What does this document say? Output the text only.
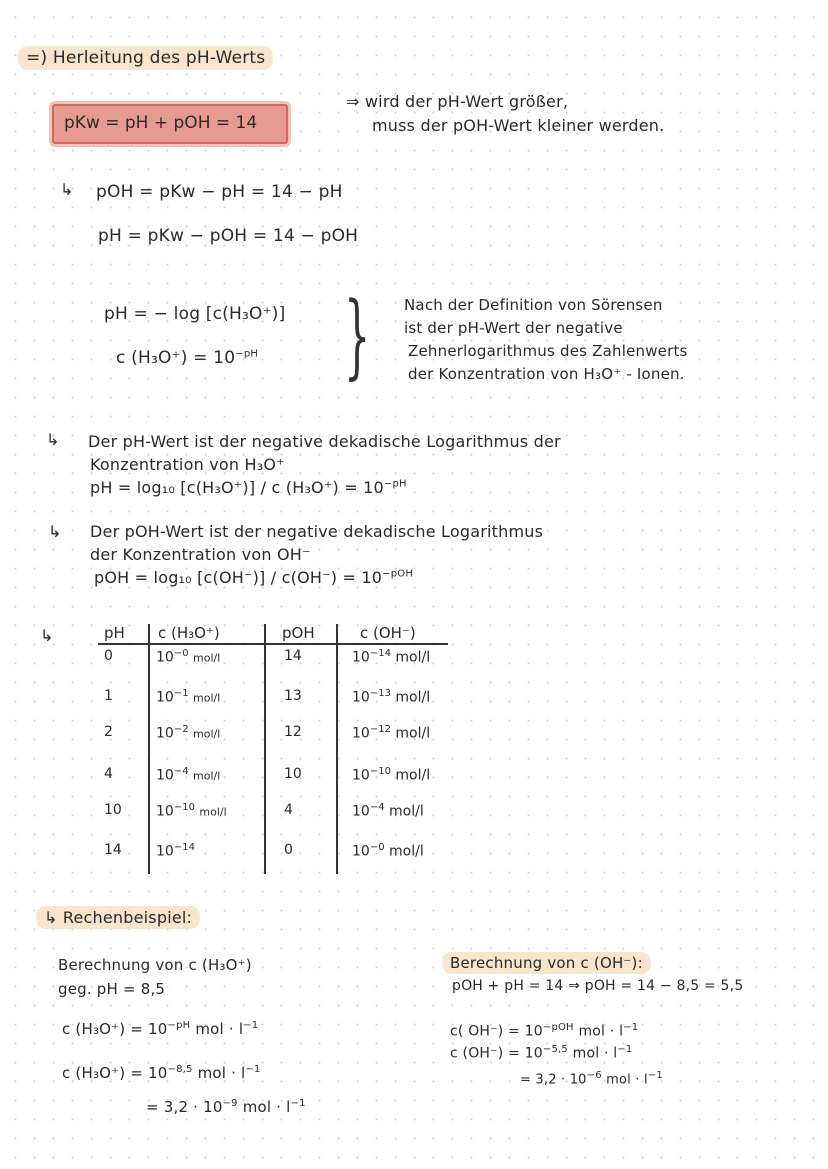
=) Herleitung des pH-Werts
pKw = pH + pOH = 14
⇒ wird der pH-Wert größer,
muss der pOH-Wert kleiner werden.
↳ pOH = pKw − pH = 14 − pH
pH = pKw − pOH = 14 − pOH
pH = − log [c(H₃O⁺)]
c $(H_3O^+) = 10^{-pH}$ } Nach der Definition von Sörensen
ist der pH-Wert der negative
Zehnerlogarithmus des Zahlenwerts
der Konzentration von H₃O⁺ - Ionen.
↳ Der pH-Wert ist der negative dekadische Logarithmus der
Konzentration von H₃O⁺
pH = log₁₀ [c(H₃O⁺)] / c $(H_3O^+) = 10^{-pH}$
↳ Der pOH-Wert ist der negative dekadische Logarithmus
der Konzentration von OH⁻
pOH = log₁₀ $[c(OH^-)] / c(OH^-) = 10^{-pOH}$
↳	pH c (H₃O⁺)	pOH	c (OH⁻)
0	$10^{-0}$ mol/l	14	$10^{-14}$ mol/l
1	$10^{-1}$ mol/l	13	$10^{-13}$ mol/l
2	$10^{-2}$ mol/l	12	$10^{-12}$ mol/l
4	$10^{-4}$ mol/l	10	$10^{-10}$ mol/l
10 $10^{-10}$ mol/l	4	$10^{-4}$ mol/l
14 $10^{-14}$	0	$10^{-0}$ mol/l
↳ Rechenbeispiel:
Berechnung von c (H₃O⁺)
geg. pH = 8,5
c $(H_3O^+) = 10^{-pH}$ mol · $l^{-1}$
c $(H_3O^+) = 10^{-8,5}$ mol · $l^{-1}$
= $3,2 \cdot 10^{-9}$ mol · $l^{-1}$
Berechnung von c (OH⁻):
pOH + pH = 14 ⇒ pOH = 14 − 8,5 = 5,5
c( $OH^-) = 10^{-pOH}$ mol · $l^{-1}$
c $(OH^-) = 10^{-5,5}$ mol · $l^{-1}$
= $3,2 \cdot 10^{-6}$ mol · $l^{-1}$
